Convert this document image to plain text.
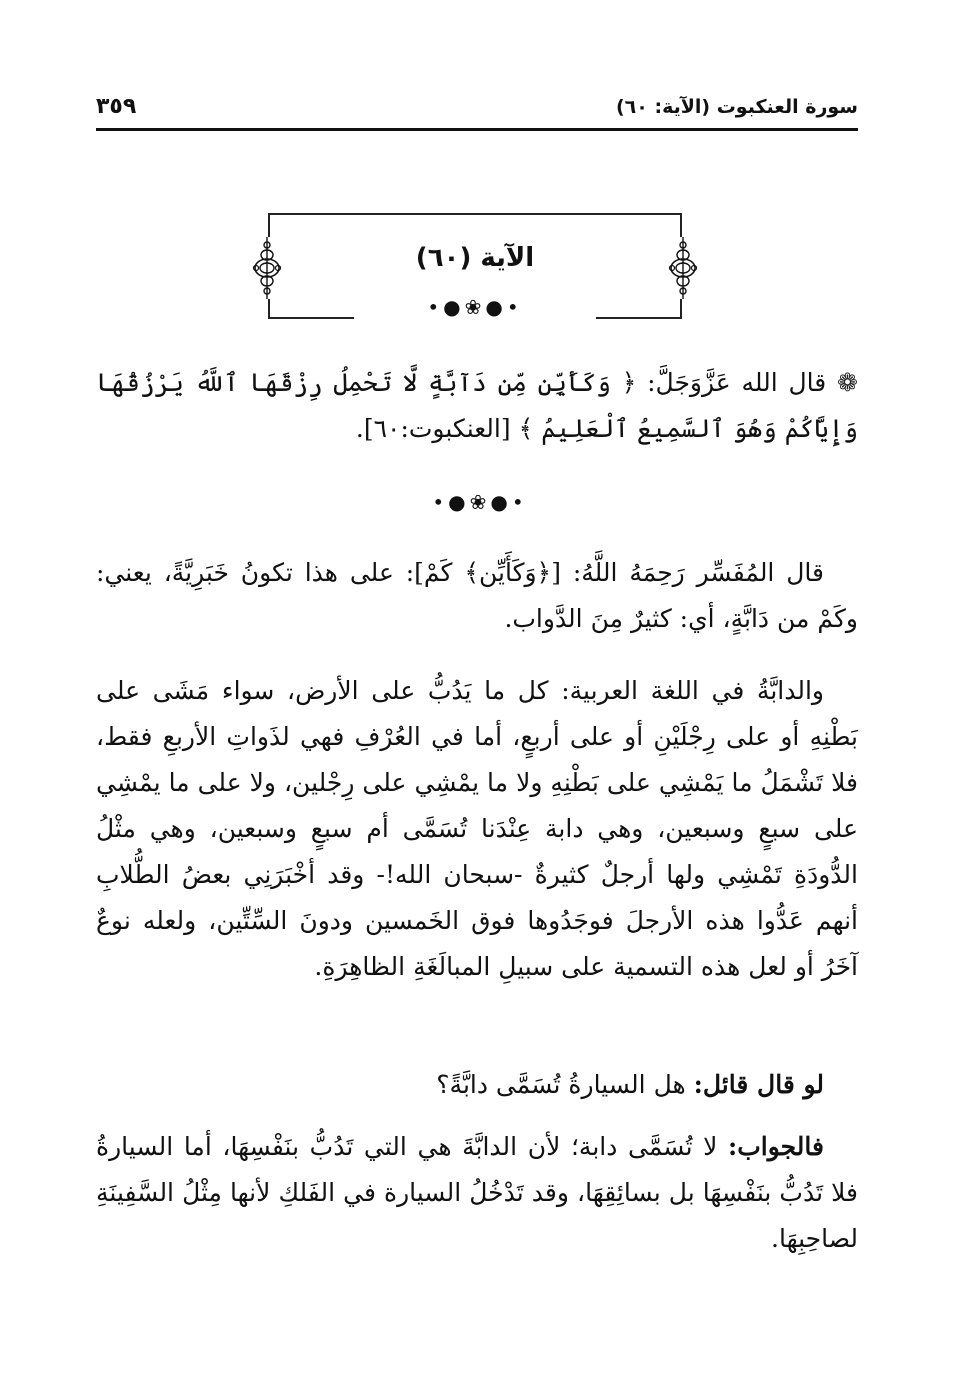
سورة العنكبوت (الآية: ٦٠)
٣٥٩
الآية (٦٠)
•●❀●•
❁ قال الله عَزَّوَجَلَّ: ﴿ وَكَأَيِّن مِّن دَآبَّةٍ لَّا تَحْمِلُ رِزْقَهَا ٱللَّهُ يَرْزُقُهَا وَإِيَّاكُمْ وَهُوَ ٱلسَّمِيعُ ٱلْعَلِيمُ ﴾ [العنكبوت:٦٠].
•●❀●•
قال المُفَسِّر رَحِمَهُ اللَّهُ: [﴿وَكَأَيِّن﴾ كَمْ]: على هذا تكونُ خَبَرِيَّةً، يعني: وكَمْ من دَابَّةٍ، أي: كثيرٌ مِنَ الدَّواب.
والدابَّةُ في اللغة العربية: كل ما يَدُبُّ على الأرض، سواء مَشَى على بَطْنِهِ أو على رِجْلَيْنِ أو على أربعٍ، أما في العُرْفِ فهي لذَواتِ الأربعِ فقط، فلا تَشْمَلُ ما يَمْشِي على بَطْنِهِ ولا ما يمْشِي على رِجْلين، ولا على ما يمْشِي على سبعٍ وسبعين، وهي دابة عِنْدَنا تُسَمَّى أم سبعٍ وسبعين، وهي مثْلُ الدُّودَةِ تَمْشِي ولها أرجلٌ كثيرةٌ -سبحان الله!- وقد أخْبَرَنِي بعضُ الطُّلابِ أنهم عَدُّوا هذه الأرجلَ فوجَدُوها فوق الخَمسين ودونَ السِّتِّين، ولعله نوعٌ آخَرُ أو لعل هذه التسمية على سبيلِ المبالَغَةِ الظاهِرَةِ.
لو قال قائل: هل السيارةُ تُسَمَّى دابَّةً؟
فالجواب: لا تُسَمَّى دابة؛ لأن الدابَّةَ هي التي تَدُبُّ بنَفْسِهَا، أما السيارةُ فلا تَدُبُّ بنَفْسِهَا بل بسائِقِهَا، وقد تَدْخُلُ السيارة في الفَلكِ لأنها مِثْلُ السَّفِينَةِ لصاحِبِهَا.
